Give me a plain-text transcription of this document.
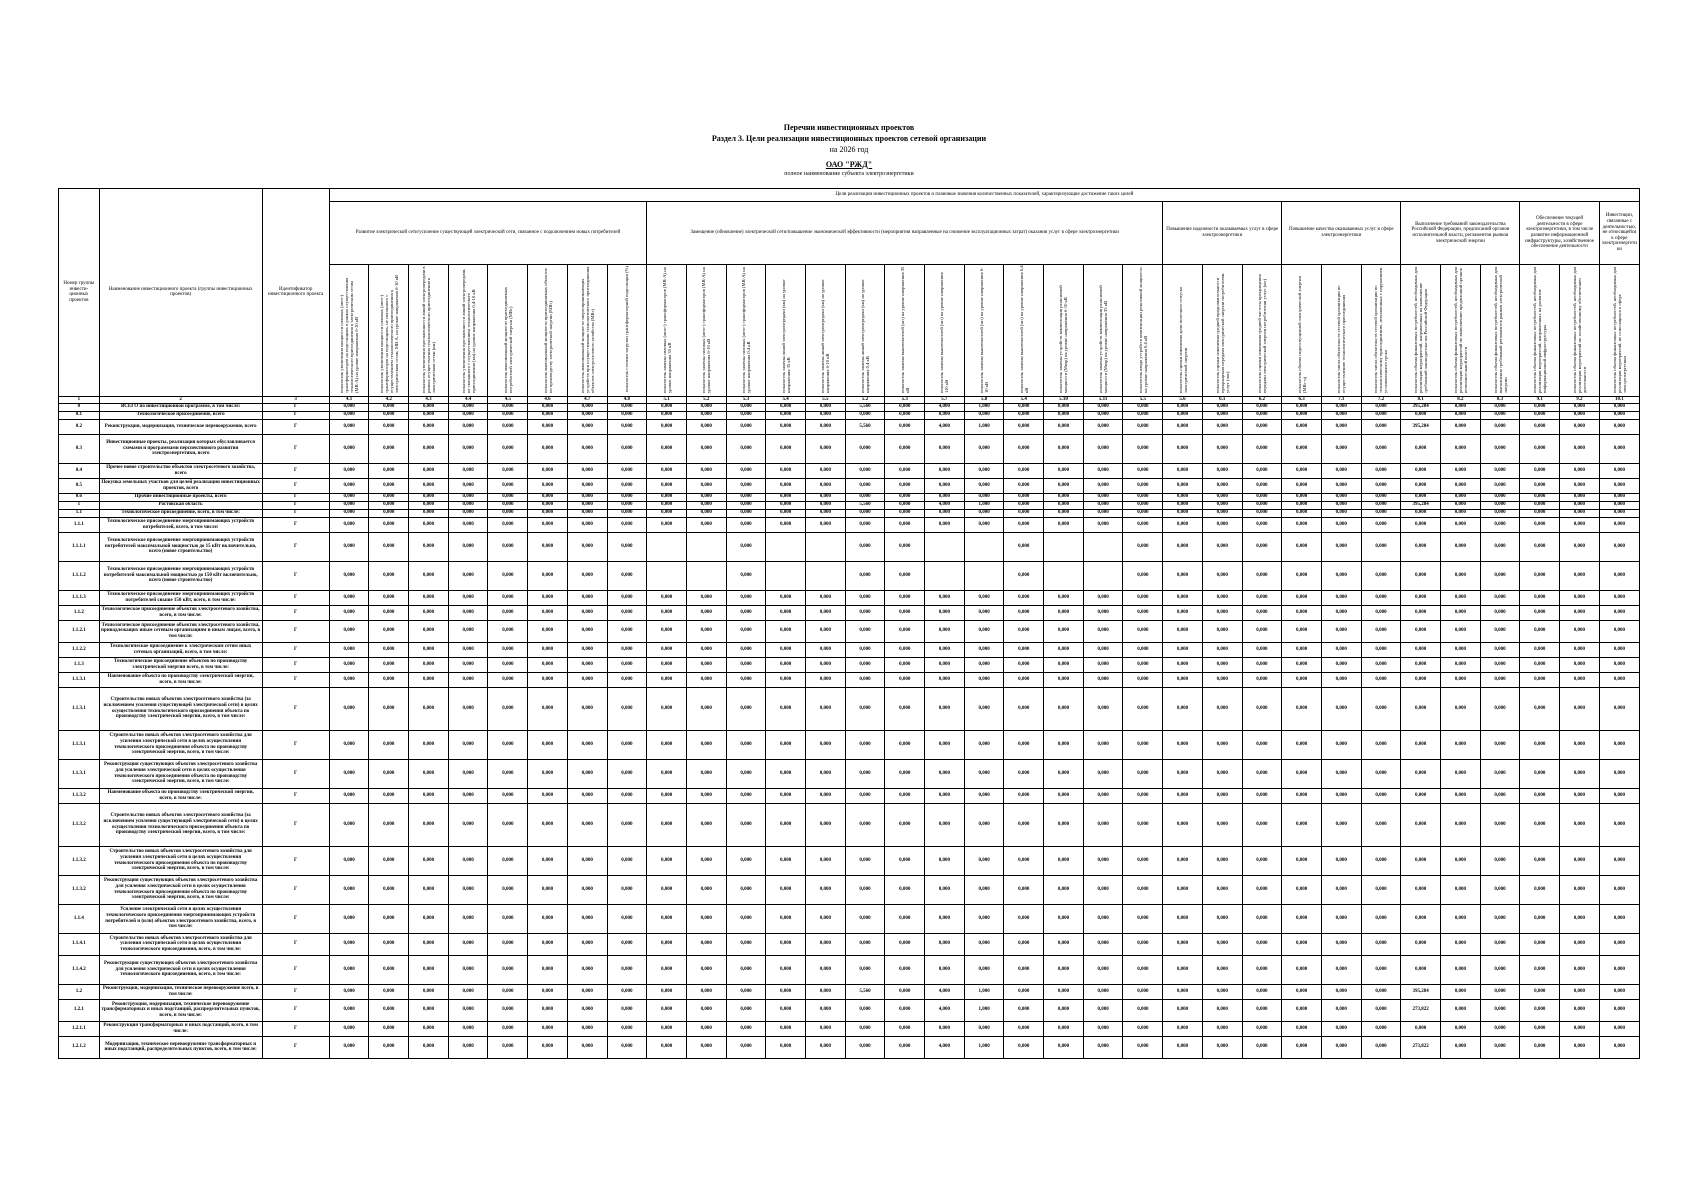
Перечни инвестиционных проектов
Раздел 3. Цели реализации инвестиционных проектов сетевой организации
на 2026 год
ОАО "РЖД"
полное наименование субъекта электроэнергетики
Номер группы инвести-ционных проектов	Наименование инвестиционного проекта (группы инвестиционных проектов)	Идентификатор инвестиционного проекта	Цели реализации инвестиционных проектов и плановые значения количественных показателей, характеризующие достижение таких целей																																
			Развитие электрической сети/усиление существующей электрической сети, связанное с подключением новых потребителей								Замещение (обновление) электрической сети/повышение экономической эффективности (мероприятия направленные на снижение эксплуатационных затрат) оказания услуг в сфере электроэнергетики													Повышение надежности оказываемых услуг в сфере электроэнергетики			Повышение качества оказываемых услуг в сфере электроэнергетики			Выполнение требований законодательства Российской Федерации, предписаний органов исполнительной власти, регламентов рынков электрической энергии			Обеспечение текущей деятельности в сфере электроэнергетики, в том числе развитие информационной инфраструктуры, хозяйственное обеспечение деятельности		Инвестиции, связанные с деятельностью, не относящейся к сфере электроэнергетики
			показатель увеличения мощности силовых (авто-) трансформаторов на подстанциях в рамках осуществления технологического присоединения к электрическим сетям (МВ·А) на уровне напряжения 6-10 кВ	показатель увеличения мощности силовых (авто-) трансформаторов на подстанциях, не связанного с осуществлением технологического присоединения к электрическим сетям, МВ·А, на уровне напряжения 6-10 кВ	показатель увеличения протяженности линий электропередачи в рамках осуществления технологического присоединения к электрическим сетям (км)	показатель увеличения протяженности линий электропередачи, не связанного с осуществлением технологического присоединения (км) на уровне напряжения 0,4-10 кВ	показатель максимальной мощности присоединяемых потребителей электрической энергии (МВт)	показатель максимальной мощности присоединяемых объектов по производству электрической энергии (МВт)	показатель максимальной мощности энергопринимающих устройств при осуществлении технологического присоединения объектов электросетевого хозяйства (МВт)	показатель степени загрузки трансформаторной подстанции (%)	показатель замены силовых (авто-) трансформаторов (МВ·А) на уровне напряжения 35 кВ	показатель замены силовых (авто-) трансформаторов (МВ·А) на уровне напряжения 6-10 кВ	показатель замены силовых (авто-) трансформаторов (МВ·А) на уровне напряжения 0,4 кВ	показатель замены линий электропередачи (км) на уровне напряжения 35 кВ	показатель замены линий электропередачи (км) на уровне напряжения 6-10 кВ	показатель замены линий электропередачи (км) на уровне напряжения 0,4 кВ	показатель замены выключателей (шт) на уровне напряжения 35 кВ	показатель замены выключателей (шт) на уровне напряжения 110 кВ	показатель замены выключателей (шт) на уровне напряжения 6-10 кВ	показатель замены выключателей (шт) на уровне напряжения 0,4 кВ	показатель замены устройств компенсации реактивной мощности (Мвар) на уровне напряжения 6-10 кВ	показатель замены устройств компенсации реактивной мощности (Мвар) на уровне напряжения 35 кВ	показатель ввода устройств компенсации реактивной мощности на уровне напряжения 0,4 кВ	показатель оценки изменения доли полезного отпуска электрической энергии	показатель оценки изменения средней продолжительности прекращения передачи электрической энергии потребителям услуг (час)	показатель оценки изменения средней частоты прекращения передачи электрической энергии потребителям услуг (шт)	показатель объема недоотпущенной электрической энергии (МВт·ч)	показатель числа обязательств сетевой организации по осуществлению технологического присоединения	показатель числа обязательств сетевой организации по технологическому присоединению, исполненных с нарушением установленного срока	показатель объема финансовых потребностей, необходимых для реализации мероприятий, направленных на выполнение требований законодательства Российской Федерации	показатель объема финансовых потребностей, необходимых для реализации мероприятий по выполнению предписаний органов исполнительной власти	показатель объема финансовых потребностей, необходимых для выполнения требований регламентов рынков электрической энергии	показатель объема финансовых потребностей, необходимых для реализации мероприятий, направленных на развитие информационной инфраструктуры	показатель объема финансовых потребностей, необходимых для реализации мероприятий по хозяйственному обеспечению деятельности	показатель объема финансовых потребностей, необходимых для реализации мероприятий, не относящихся к сфере электроэнергетики
1	2	3	4.1	4.2	4.3	4.4	4.5	4.6	4.7	4.8	5.1	5.2	5.3	5.4	5.5	5.2	5.3	5.7	5.8	5.4	5.10	5.11	5.5	5.6	6.1	6.2	6.3	7.1	7.2	8.1	8.2	8.3	9.1	9.2	10.1
0	ВСЕГО по инвестиционной программе, в том числе:	Г	0,000	0,000	0,000	0,000	0,000	0,000	0,000	0,000	0,000	0,000	0,000	0,000	0,000	5,560	0,000	4,000	1,000	0,000	0,000	0,000	0,000	0,000	0,000	0,000	0,000	0,000	0,000	395,284	0,000	0,000	0,000	0,000	0,000
0.1	Технологическое присоединение, всего	Г	0,000	0,000	0,000	0,000	0,000	0,000	0,000	0,000	0,000	0,000	0,000	0,000	0,000	0,000	0,000	0,000	0,000	0,000	0,000	0,000	0,000	0,000	0,000	0,000	0,000	0,000	0,000	0,000	0,000	0,000	0,000	0,000	0,000
0.2	Реконструкция, модернизация, техническое перевооружение, всего	Г	0,000	0,000	0,000	0,000	0,000	0,000	0,000	0,000	0,000	0,000	0,000	0,000	0,000	5,560	0,000	4,000	1,000	0,000	0,000	0,000	0,000	0,000	0,000	0,000	0,000	0,000	0,000	395,284	0,000	0,000	0,000	0,000	0,000
0.3	Инвестиционные проекты, реализация которых обуславливается схемами и программами перспективного развития электроэнергетики, всего	Г	0,000	0,000	0,000	0,000	0,000	0,000	0,000	0,000	0,000	0,000	0,000	0,000	0,000	0,000	0,000	0,000	0,000	0,000	0,000	0,000	0,000	0,000	0,000	0,000	0,000	0,000	0,000	0,000	0,000	0,000	0,000	0,000	0,000
0.4	Прочее новое строительство объектов электросетевого хозяйства, всего	Г	0,000	0,000	0,000	0,000	0,000	0,000	0,000	0,000	0,000	0,000	0,000	0,000	0,000	0,000	0,000	0,000	0,000	0,000	0,000	0,000	0,000	0,000	0,000	0,000	0,000	0,000	0,000	0,000	0,000	0,000	0,000	0,000	0,000
0.5	Покупка земельных участков для целей реализации инвестиционных проектов, всего	Г	0,000	0,000	0,000	0,000	0,000	0,000	0,000	0,000	0,000	0,000	0,000	0,000	0,000	0,000	0,000	0,000	0,000	0,000	0,000	0,000	0,000	0,000	0,000	0,000	0,000	0,000	0,000	0,000	0,000	0,000	0,000	0,000	0,000
0.6	Прочие инвестиционные проекты, всего	Г	0,000	0,000	0,000	0,000	0,000	0,000	0,000	0,000	0,000	0,000	0,000	0,000	0,000	0,000	0,000	0,000	0,000	0,000	0,000	0,000	0,000	0,000	0,000	0,000	0,000	0,000	0,000	0,000	0,000	0,000	0,000	0,000	0,000
1	Ростовская область	Г	0,000	0,000	0,000	0,000	0,000	0,000	0,000	0,000	0,000	0,000	0,000	0,000	0,000	5,560	0,000	4,000	1,000	0,000	0,000	0,000	0,000	0,000	0,000	0,000	0,000	0,000	0,000	395,284	0,000	0,000	0,000	0,000	0,000
1.1	Технологическое присоединение, всего, в том числе:	Г	0,000	0,000	0,000	0,000	0,000	0,000	0,000	0,000	0,000	0,000	0,000	0,000	0,000	0,000	0,000	0,000	0,000	0,000	0,000	0,000	0,000	0,000	0,000	0,000	0,000	0,000	0,000	0,000	0,000	0,000	0,000	0,000	0,000
1.1.1	Технологическое присоединение энергопринимающих устройств потребителей, всего, в том числе:	Г	0,000	0,000	0,000	0,000	0,000	0,000	0,000	0,000	0,000	0,000	0,000	0,000	0,000	0,000	0,000	0,000	0,000	0,000	0,000	0,000	0,000	0,000	0,000	0,000	0,000	0,000	0,000	0,000	0,000	0,000	0,000	0,000	0,000
1.1.1.1	Технологическое присоединение энергопринимающих устройств потребителей максимальной мощностью до 15 кВт включительно, всего (новое строительство)	Г	0,000	0,000	0,000	0,000	0,000	0,000	0,000	0,000			0,000			0,000	0,000			0,000			0,000	0,000	0,000	0,000	0,000	0,000	0,000	0,000	0,000	0,000	0,000	0,000	0,000
1.1.1.2	Технологическое присоединение энергопринимающих устройств потребителей максимальной мощностью до 150 кВт включительно, всего (новое строительство)	Г	0,000	0,000	0,000	0,000	0,000	0,000	0,000	0,000			0,000			0,000	0,000			0,000			0,000	0,000	0,000	0,000	0,000	0,000	0,000	0,000	0,000	0,000	0,000	0,000	0,000
1.1.1.3	Технологическое присоединение энергопринимающих устройств потребителей свыше 150 кВт, всего, в том числе:	Г	0,000	0,000	0,000	0,000	0,000	0,000	0,000	0,000	0,000	0,000	0,000	0,000	0,000	0,000	0,000	0,000	0,000	0,000	0,000	0,000	0,000	0,000	0,000	0,000	0,000	0,000	0,000	0,000	0,000	0,000	0,000	0,000	0,000
1.1.2	Технологическое присоединение объектов электросетевого хозяйства, всего, в том числе:	Г	0,000	0,000	0,000	0,000	0,000	0,000	0,000	0,000	0,000	0,000	0,000	0,000	0,000	0,000	0,000	0,000	0,000	0,000	0,000	0,000	0,000	0,000	0,000	0,000	0,000	0,000	0,000	0,000	0,000	0,000	0,000	0,000	0,000
1.1.2.1	Технологическое присоединение объектов электросетевого хозяйства, принадлежащих иным сетевым организациям и иным лицам, всего, в том числе:	Г	0,000	0,000	0,000	0,000	0,000	0,000	0,000	0,000	0,000	0,000	0,000	0,000	0,000	0,000	0,000	0,000	0,000	0,000	0,000	0,000	0,000	0,000	0,000	0,000	0,000	0,000	0,000	0,000	0,000	0,000	0,000	0,000	0,000
1.1.2.2	Технологическое присоединение к электрическим сетям иных сетевых организаций, всего, в том числе:	Г	0,000	0,000	0,000	0,000	0,000	0,000	0,000	0,000	0,000	0,000	0,000	0,000	0,000	0,000	0,000	0,000	0,000	0,000	0,000	0,000	0,000	0,000	0,000	0,000	0,000	0,000	0,000	0,000	0,000	0,000	0,000	0,000	0,000
1.1.3	Технологическое присоединение объектов по производству электрической энергии всего, в том числе:	Г	0,000	0,000	0,000	0,000	0,000	0,000	0,000	0,000	0,000	0,000	0,000	0,000	0,000	0,000	0,000	0,000	0,000	0,000	0,000	0,000	0,000	0,000	0,000	0,000	0,000	0,000	0,000	0,000	0,000	0,000	0,000	0,000	0,000
1.1.3.1	Наименование объекта по производству электрической энергии, всего, в том числе:	Г	0,000	0,000	0,000	0,000	0,000	0,000	0,000	0,000	0,000	0,000	0,000	0,000	0,000	0,000	0,000	0,000	0,000	0,000	0,000	0,000	0,000	0,000	0,000	0,000	0,000	0,000	0,000	0,000	0,000	0,000	0,000	0,000	0,000
1.1.3.1	Строительство новых объектов электросетевого хозяйства (за исключением усиления существующей электрической сети) в целях осуществления технологического присоединения объекта по производству электрической энергии, всего, в том числе:	Г	0,000	0,000	0,000	0,000	0,000	0,000	0,000	0,000	0,000	0,000	0,000	0,000	0,000	0,000	0,000	0,000	0,000	0,000	0,000	0,000	0,000	0,000	0,000	0,000	0,000	0,000	0,000	0,000	0,000	0,000	0,000	0,000	0,000
1.1.3.1	Строительство новых объектов электросетевого хозяйства для усиления электрической сети в целях осуществления технологического присоединения объекта по производству электрической энергии, всего, в том числе:	Г	0,000	0,000	0,000	0,000	0,000	0,000	0,000	0,000	0,000	0,000	0,000	0,000	0,000	0,000	0,000	0,000	0,000	0,000	0,000	0,000	0,000	0,000	0,000	0,000	0,000	0,000	0,000	0,000	0,000	0,000	0,000	0,000	0,000
1.1.3.1	Реконструкция существующих объектов электросетевого хозяйства для усиления электрической сети в целях осуществления технологического присоединения объекта по производству электрической энергии, всего, в том числе:	Г	0,000	0,000	0,000	0,000	0,000	0,000	0,000	0,000	0,000	0,000	0,000	0,000	0,000	0,000	0,000	0,000	0,000	0,000	0,000	0,000	0,000	0,000	0,000	0,000	0,000	0,000	0,000	0,000	0,000	0,000	0,000	0,000	0,000
1.1.3.2	Наименование объекта по производству электрической энергии, всего, в том числе:	Г	0,000	0,000	0,000	0,000	0,000	0,000	0,000	0,000	0,000	0,000	0,000	0,000	0,000	0,000	0,000	0,000	0,000	0,000	0,000	0,000	0,000	0,000	0,000	0,000	0,000	0,000	0,000	0,000	0,000	0,000	0,000	0,000	0,000
1.1.3.2	Строительство новых объектов электросетевого хозяйства (за исключением усиления существующей электрической сети) в целях осуществления технологического присоединения объекта по производству электрической энергии, всего, в том числе:	Г	0,000	0,000	0,000	0,000	0,000	0,000	0,000	0,000	0,000	0,000	0,000	0,000	0,000	0,000	0,000	0,000	0,000	0,000	0,000	0,000	0,000	0,000	0,000	0,000	0,000	0,000	0,000	0,000	0,000	0,000	0,000	0,000	0,000
1.1.3.2	Строительство новых объектов электросетевого хозяйства для усиления электрической сети в целях осуществления технологического присоединения объекта по производству электрической энергии, всего, в том числе:	Г	0,000	0,000	0,000	0,000	0,000	0,000	0,000	0,000	0,000	0,000	0,000	0,000	0,000	0,000	0,000	0,000	0,000	0,000	0,000	0,000	0,000	0,000	0,000	0,000	0,000	0,000	0,000	0,000	0,000	0,000	0,000	0,000	0,000
1.1.3.2	Реконструкция существующих объектов электросетевого хозяйства для усиления электрической сети в целях осуществления технологического присоединения объекта по производству электрической энергии, всего, в том числе:	Г	0,000	0,000	0,000	0,000	0,000	0,000	0,000	0,000	0,000	0,000	0,000	0,000	0,000	0,000	0,000	0,000	0,000	0,000	0,000	0,000	0,000	0,000	0,000	0,000	0,000	0,000	0,000	0,000	0,000	0,000	0,000	0,000	0,000
1.1.4	Усиление электрической сети в целях осуществления технологического присоединения энергопринимающих устройств потребителей и (или) объектов электросетевого хозяйства, всего, в том числе:	Г	0,000	0,000	0,000	0,000	0,000	0,000	0,000	0,000	0,000	0,000	0,000	0,000	0,000	0,000	0,000	0,000	0,000	0,000	0,000	0,000	0,000	0,000	0,000	0,000	0,000	0,000	0,000	0,000	0,000	0,000	0,000	0,000	0,000
1.1.4.1	Строительство новых объектов электросетевого хозяйства для усиления электрической сети в целях осуществления технологического присоединения, всего, в том числе:	Г	0,000	0,000	0,000	0,000	0,000	0,000	0,000	0,000	0,000	0,000	0,000	0,000	0,000	0,000	0,000	0,000	0,000	0,000	0,000	0,000	0,000	0,000	0,000	0,000	0,000	0,000	0,000	0,000	0,000	0,000	0,000	0,000	0,000
1.1.4.2	Реконструкция существующих объектов электросетевого хозяйства для усиления электрической сети в целях осуществления технологического присоединения, всего, в том числе:	Г	0,000	0,000	0,000	0,000	0,000	0,000	0,000	0,000	0,000	0,000	0,000	0,000	0,000	0,000	0,000	0,000	0,000	0,000	0,000	0,000	0,000	0,000	0,000	0,000	0,000	0,000	0,000	0,000	0,000	0,000	0,000	0,000	0,000
1.2	Реконструкция, модернизация, техническое перевооружение всего, в том числе:	Г	0,000	0,000	0,000	0,000	0,000	0,000	0,000	0,000	0,000	0,000	0,000	0,000	0,000	5,560	0,000	4,000	1,000	0,000	0,000	0,000	0,000	0,000	0,000	0,000	0,000	0,000	0,000	395,284	0,000	0,000	0,000	0,000	0,000
1.2.1	Реконструкция, модернизация, техническое перевооружение трансформаторных и иных подстанций, распределительных пунктов, всего, в том числе:	Г	0,000	0,000	0,000	0,000	0,000	0,000	0,000	0,000	0,000	0,000	0,000	0,000	0,000	0,000	0,000	4,000	1,000	0,000	0,000	0,000	0,000	0,000	0,000	0,000	0,000	0,000	0,000	273,822	0,000	0,000	0,000	0,000	0,000
1.2.1.1	Реконструкция трансформаторных и иных подстанций, всего, в том числе:	Г	0,000	0,000	0,000	0,000	0,000	0,000	0,000	0,000	0,000	0,000	0,000	0,000	0,000	0,000	0,000	0,000	0,000	0,000	0,000	0,000	0,000	0,000	0,000	0,000	0,000	0,000	0,000	0,000	0,000	0,000	0,000	0,000	0,000
1.2.1.2	Модернизация, техническое перевооружение трансформаторных и иных подстанций, распределительных пунктов, всего, в том числе:	Г	0,000	0,000	0,000	0,000	0,000	0,000	0,000	0,000	0,000	0,000	0,000	0,000	0,000	0,000	0,000	4,000	1,000	0,000	0,000	0,000	0,000	0,000	0,000	0,000	0,000	0,000	0,000	273,822	0,000	0,000	0,000	0,000	0,000
